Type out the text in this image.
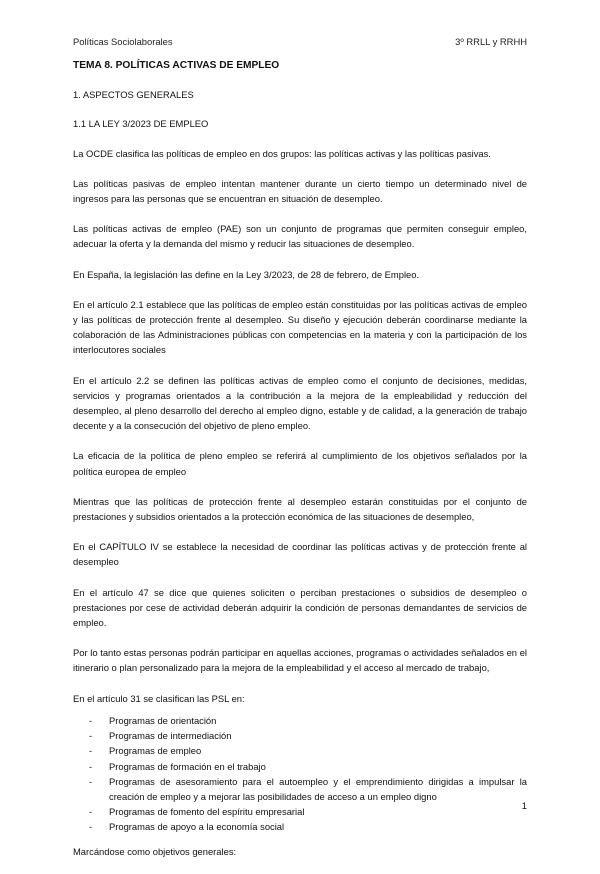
Políticas Sociolaborales	3º RRLL y RRHH
TEMA 8. POLÍTICAS ACTIVAS DE EMPLEO
1. ASPECTOS GENERALES
1.1 LA LEY 3/2023 DE EMPLEO

La OCDE clasifica las políticas de empleo en dos grupos: las políticas activas y las políticas pasivas.

Las políticas pasivas de empleo intentan mantener durante un cierto tiempo un determinado nivel de ingresos para las personas que se encuentran en situación de desempleo.

Las políticas activas de empleo (PAE) son un conjunto de programas que permiten conseguir empleo, adecuar la oferta y la demanda del mismo y reducir las situaciones de desempleo.

En España, la legislación las define en la Ley 3/2023, de 28 de febrero, de Empleo.

En el artículo 2.1 establece que las políticas de empleo están constituidas por las políticas activas de empleo y las políticas de protección frente al desempleo. Su diseño y ejecución deberán coordinarse mediante la colaboración de las Administraciones públicas con competencias en la materia y con la participación de los interlocutores sociales

En el artículo 2.2 se definen las políticas activas de empleo como el conjunto de decisiones, medidas, servicios y programas orientados a la contribución a la mejora de la empleabilidad y reducción del desempleo, al pleno desarrollo del derecho al empleo digno, estable y de calidad, a la generación de trabajo decente y a la consecución del objetivo de pleno empleo.

La eficacia de la política de pleno empleo se referirá al cumplimiento de los objetivos señalados por la política europea de empleo

Mientras que las políticas de protección frente al desempleo estarán constituidas por el conjunto de prestaciones y subsidios orientados a la protección económica de las situaciones de desempleo,

En el CAPÍTULO IV se establece la necesidad de coordinar las políticas activas y de protección frente al desempleo

En el artículo 47 se dice que quienes soliciten o perciban prestaciones o subsidios de desempleo o prestaciones por cese de actividad deberán adquirir la condición de personas demandantes de servicios de empleo.

Por lo tanto estas personas podrán participar en aquellas acciones, programas o actividades señalados en el itinerario o plan personalizado para la mejora de la empleabilidad y el acceso al mercado de trabajo,

En el artículo 31 se clasifican las PSL en:

- Programas de orientación
- Programas de intermediación
- Programas de empleo
- Programas de formación en el trabajo
- Programas de asesoramiento para el autoempleo y el emprendimiento dirigidas a impulsar la creación de empleo y a mejorar las posibilidades de acceso a un empleo digno
- Programas de fomento del espíritu empresarial
- Programas de apoyo a la economía social

Marcándose como objetivos generales:

1
